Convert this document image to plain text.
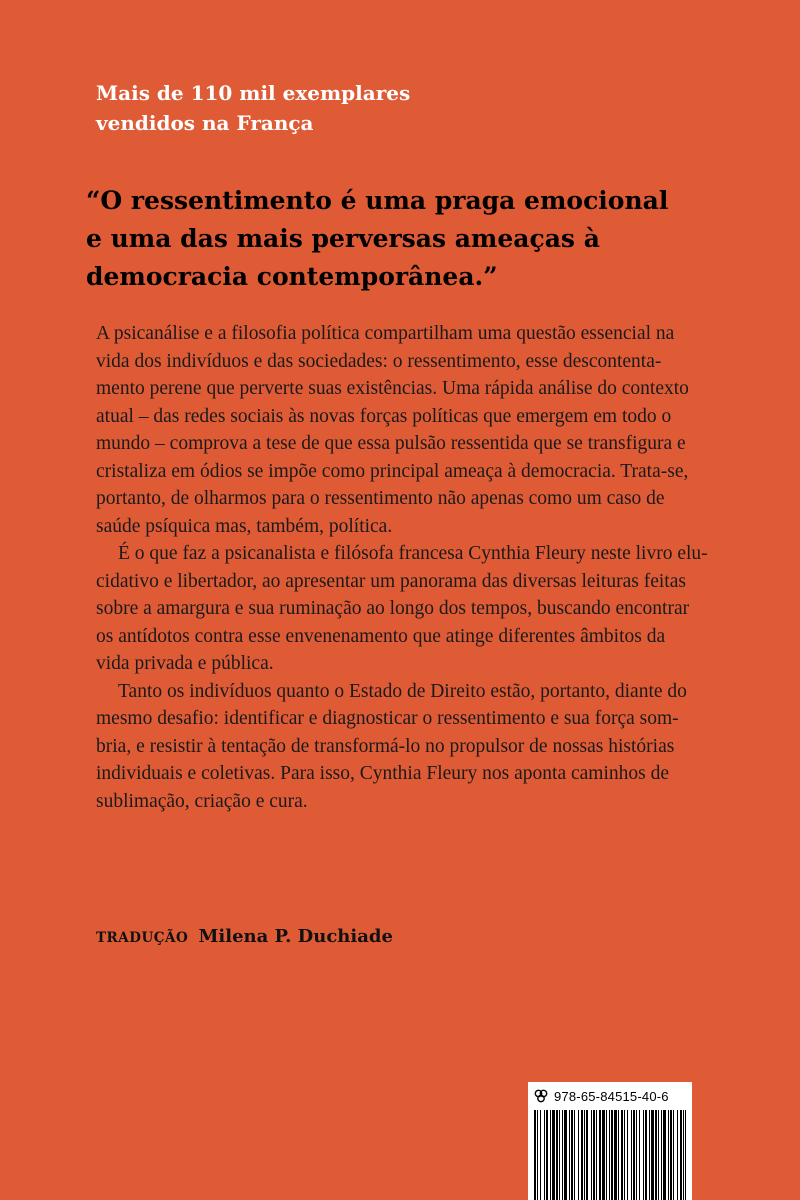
Mais de 110 mil exemplares
vendidos na França
“O ressentimento é uma praga emocional
e uma das mais perversas ameaças à
democracia contemporânea.”

A psicanálise e a filosofia política compartilham uma questão essencial na
vida dos indivíduos e das sociedades: o ressentimento, esse descontenta-
mento perene que perverte suas existências. Uma rápida análise do contexto
atual – das redes sociais às novas forças políticas que emergem em todo o
mundo – comprova a tese de que essa pulsão ressentida que se transfigura e
cristaliza em ódios se impõe como principal ameaça à democracia. Trata-se,
portanto, de olharmos para o ressentimento não apenas como um caso de
saúde psíquica mas, também, política.

É o que faz a psicanalista e filósofa francesa Cynthia Fleury neste livro elu-
cidativo e libertador, ao apresentar um panorama das diversas leituras feitas
sobre a amargura e sua ruminação ao longo dos tempos, buscando encontrar
os antídotos contra esse envenenamento que atinge diferentes âmbitos da
vida privada e pública.

Tanto os indivíduos quanto o Estado de Direito estão, portanto, diante do
mesmo desafio: identificar e diagnosticar o ressentimento e sua força som-
bria, e resistir à tentação de transformá-lo no propulsor de nossas histórias
individuais e coletivas. Para isso, Cynthia Fleury nos aponta caminhos de
sublimação, criação e cura.

TRADUÇÃO Milena P. Duchiade

978-65-84515-40-6
